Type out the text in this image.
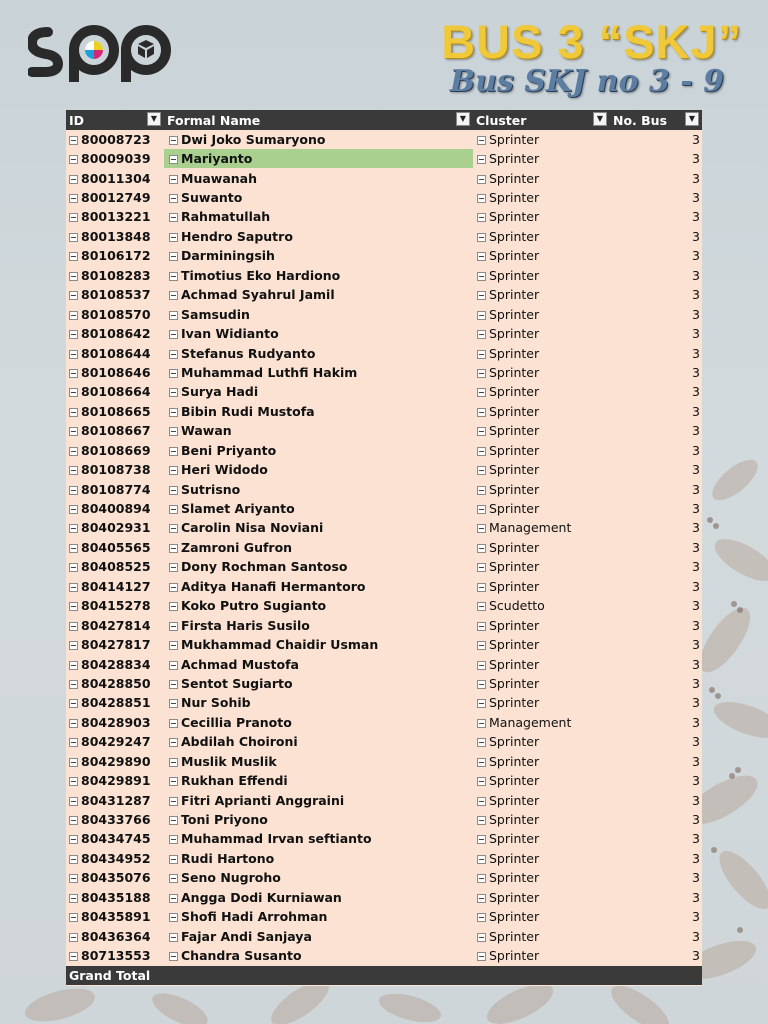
BUS 3 “SKJ”
Bus SKJ no 3 - 9
ID ▼	Formal Name ▼	Cluster ▼	No. Bus ▼

80008723	Dwi Joko Sumaryono	Sprinter	3
80009039	Mariyanto	Sprinter	3
80011304	Muawanah	Sprinter	3
80012749	Suwanto	Sprinter	3
80013221	Rahmatullah	Sprinter	3
80013848	Hendro Saputro	Sprinter	3
80106172	Darminingsih	Sprinter	3
80108283	Timotius Eko Hardiono	Sprinter	3
80108537	Achmad Syahrul Jamil	Sprinter	3
80108570	Samsudin	Sprinter	3
80108642	Ivan Widianto	Sprinter	3
80108644	Stefanus Rudyanto	Sprinter	3
80108646	Muhammad Luthfi Hakim	Sprinter	3
80108664	Surya Hadi	Sprinter	3
80108665	Bibin Rudi Mustofa	Sprinter	3
80108667	Wawan	Sprinter	3
80108669	Beni Priyanto	Sprinter	3
80108738	Heri Widodo	Sprinter	3
80108774	Sutrisno	Sprinter	3
80400894	Slamet Ariyanto	Sprinter	3
80402931	Carolin Nisa Noviani	Management	3
80405565	Zamroni Gufron	Sprinter	3
80408525	Dony Rochman Santoso	Sprinter	3
80414127	Aditya Hanafi Hermantoro	Sprinter	3
80415278	Koko Putro Sugianto	Scudetto	3
80427814	Firsta Haris Susilo	Sprinter	3
80427817	Mukhammad Chaidir Usman	Sprinter	3
80428834	Achmad Mustofa	Sprinter	3
80428850	Sentot Sugiarto	Sprinter	3
80428851	Nur Sohib	Sprinter	3
80428903	Cecillia Pranoto	Management	3
80429247	Abdilah Choironi	Sprinter	3
80429890	Muslik Muslik	Sprinter	3
80429891	Rukhan Effendi	Sprinter	3
80431287	Fitri Aprianti Anggraini	Sprinter	3
80433766	Toni Priyono	Sprinter	3
80434745	Muhammad Irvan seftianto	Sprinter	3
80434952	Rudi Hartono	Sprinter	3
80435076	Seno Nugroho	Sprinter	3
80435188	Angga Dodi Kurniawan	Sprinter	3
80435891	Shofi Hadi Arrohman	Sprinter	3
80436364	Fajar Andi Sanjaya	Sprinter	3
80713553	Chandra Susanto	Sprinter	3
Grand Total			
